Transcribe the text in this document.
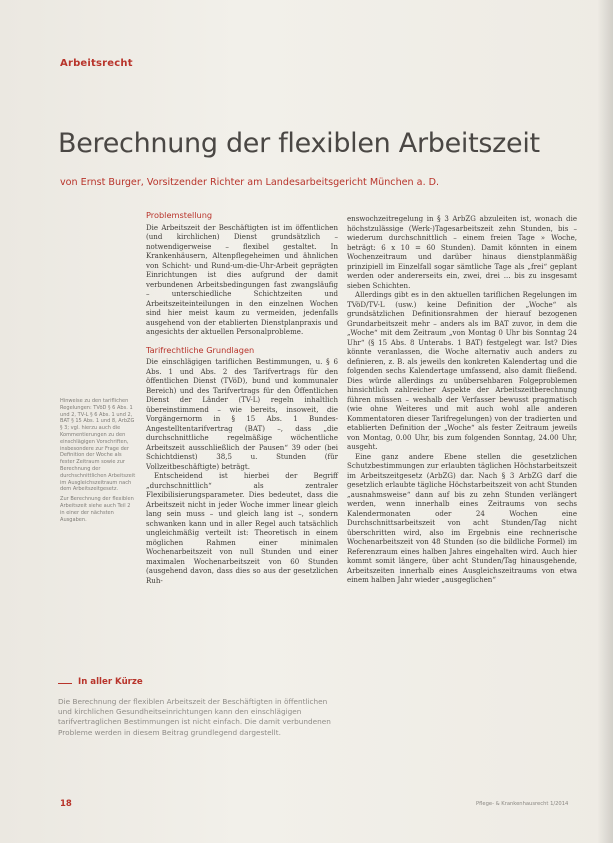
Arbeitsrecht
Berechnung der flexiblen Arbeitszeit
von Ernst Burger, Vorsitzender Richter am Landesarbeitsgericht München a. D.
Problemstellung

Die Arbeitszeit der Beschäftigten ist im öffentlichen (und kirchlichen) Dienst grundsätzlich – notwendigerweise – flexibel gestaltet. In Krankenhäusern, Altenpflegeheimen und ähnlichen von Schicht- und Rund-um-die-Uhr-Arbeit geprägten Einrichtungen ist dies aufgrund der damit verbundenen Arbeitsbedingungen fast zwangsläufig – unterschiedliche Schichtzeiten und Arbeitszeiteinteilungen in den einzelnen Wochen sind hier meist kaum zu vermeiden, jedenfalls ausgehend von der etablierten Dienstplanpraxis und angesichts der aktuellen Personalprobleme.

Tarifrechtliche Grundlagen

Die einschlägigen tariflichen Bestimmungen, u. § 6 Abs. 1 und Abs. 2 des Tarifvertrags für den öffentlichen Dienst (TVöD), bund und kommunaler Bereich) und des Tarifvertrags für den Öffentlichen Dienst der Länder (TV-L) regeln inhaltlich übereinstimmend – wie bereits, insoweit, die Vorgängernorm in § 15 Abs. 1 Bundes-Angestelltentarifvertrag (BAT) –, dass „die durchschnittliche regelmäßige wöchentliche Arbeitszeit ausschließlich der Pausen“ 39 oder (bei Schichtdienst) 38,5 u. Stunden (für Vollzeitbeschäftigte) beträgt.

Entscheidend ist hierbei der Begriff „durchschnittlich“ als zentraler Flexibilisierungsparameter. Dies bedeutet, dass die Arbeitszeit nicht in jeder Woche immer linear gleich lang sein muss – und gleich lang ist –, sondern schwanken kann und in aller Regel auch tatsächlich ungleichmäßig verteilt ist: Theoretisch in einem möglichen Rahmen einer minimalen Wochenarbeitszeit von null Stunden und einer maximalen Wochenarbeitszeit von 60 Stunden (ausgehend davon, dass dies so aus der gesetzlichen Ruh-

enswochzeitregelung in § 3 ArbZG abzuleiten ist, wonach die höchstzulässige (Werk-)Tagesarbeitszeit zehn Stunden, bis – wiederum durchschnittlich – einem freien Tage » Woche, beträgt: 6 x 10 = 60 Stunden). Damit könnten in einem Wochenzeitraum und darüber hinaus dienstplanmäßig prinzipiell im Einzelfall sogar sämtliche Tage als „frei“ geplant werden oder andererseits ein, zwei, drei ... bis zu insgesamt sieben Schichten.

Allerdings gibt es in den aktuellen tariflichen Regelungen im TVöD/TV-L (usw.) keine Definition der „Woche“ als grundsätzlichen Definitionsrahmen der hierauf bezogenen Grundarbeitszeit mehr – anders als im BAT zuvor, in dem die „Woche“ mit dem Zeitraum „von Montag 0 Uhr bis Sonntag 24 Uhr“ (§ 15 Abs. 8 Unterabs. 1 BAT) festgelegt war. Ist? Dies könnte veranlassen, die Woche alternativ auch anders zu definieren, z. B. als jeweils den konkreten Kalendertag und die folgenden sechs Kalendertage umfassend, also damit fließend. Dies würde allerdings zu unübersehbaren Folgeproblemen hinsichtlich zahlreicher Aspekte der Arbeitszeitberechnung führen müssen – weshalb der Verfasser bewusst pragmatisch (wie ohne Weiteres und mit auch wohl alle anderen Kommentatoren dieser Tarifregelungen) von der tradierten und etablierten Definition der „Woche“ als fester Zeitraum jeweils von Montag, 0.00 Uhr, bis zum folgenden Sonntag, 24.00 Uhr, ausgeht.

Eine ganz andere Ebene stellen die gesetzlichen Schutzbestimmungen zur erlaubten täglichen Höchstarbeitszeit im Arbeitszeitgesetz (ArbZG) dar. Nach § 3 ArbZG darf die gesetzlich erlaubte tägliche Höchstarbeitszeit von acht Stunden „ausnahmsweise“ dann auf bis zu zehn Stunden verlängert werden, wenn innerhalb eines Zeitraums von sechs Kalendermonaten oder 24 Wochen eine Durchschnittsarbeitszeit von acht Stunden/Tag nicht überschritten wird, also im Ergebnis eine rechnerische Wochenarbeitszeit von 48 Stunden (so die bildliche Formel) im Referenzraum eines halben Jahres eingehalten wird. Auch hier kommt somit längere, über acht Stunden/Tag hinausgehende, Arbeitszeiten innerhalb eines Ausgleichszeitraums von etwa einem halben Jahr wieder „ausgeglichen“

Hinweise zu den tariflichen Regelungen: TVöD § 6 Abs. 1 und 2, TV-L § 6 Abs. 1 und 2, BAT § 15 Abs. 1 und 8, ArbZG § 3; vgl. hierzu auch die Kommentierungen zu den einschlägigen Vorschriften, insbesondere zur Frage der Definition der Woche als fester Zeitraum sowie zur Berechnung der durchschnittlichen Arbeitszeit im Ausgleichszeitraum nach dem Arbeitszeitgesetz.

Zur Berechnung der flexiblen Arbeitszeit siehe auch Teil 2 in einer der nächsten Ausgaben.

In aller Kürze
Die Berechnung der flexiblen Arbeitszeit der Beschäftigten in öffentlichen und kirchlichen Gesundheitseinrichtungen kann den einschlägigen tarifvertraglichen Bestimmungen ist nicht einfach. Die damit verbundenen Probleme werden in diesem Beitrag grundlegend dargestellt.
18	Pflege- & Krankenhausrecht 1/2014
